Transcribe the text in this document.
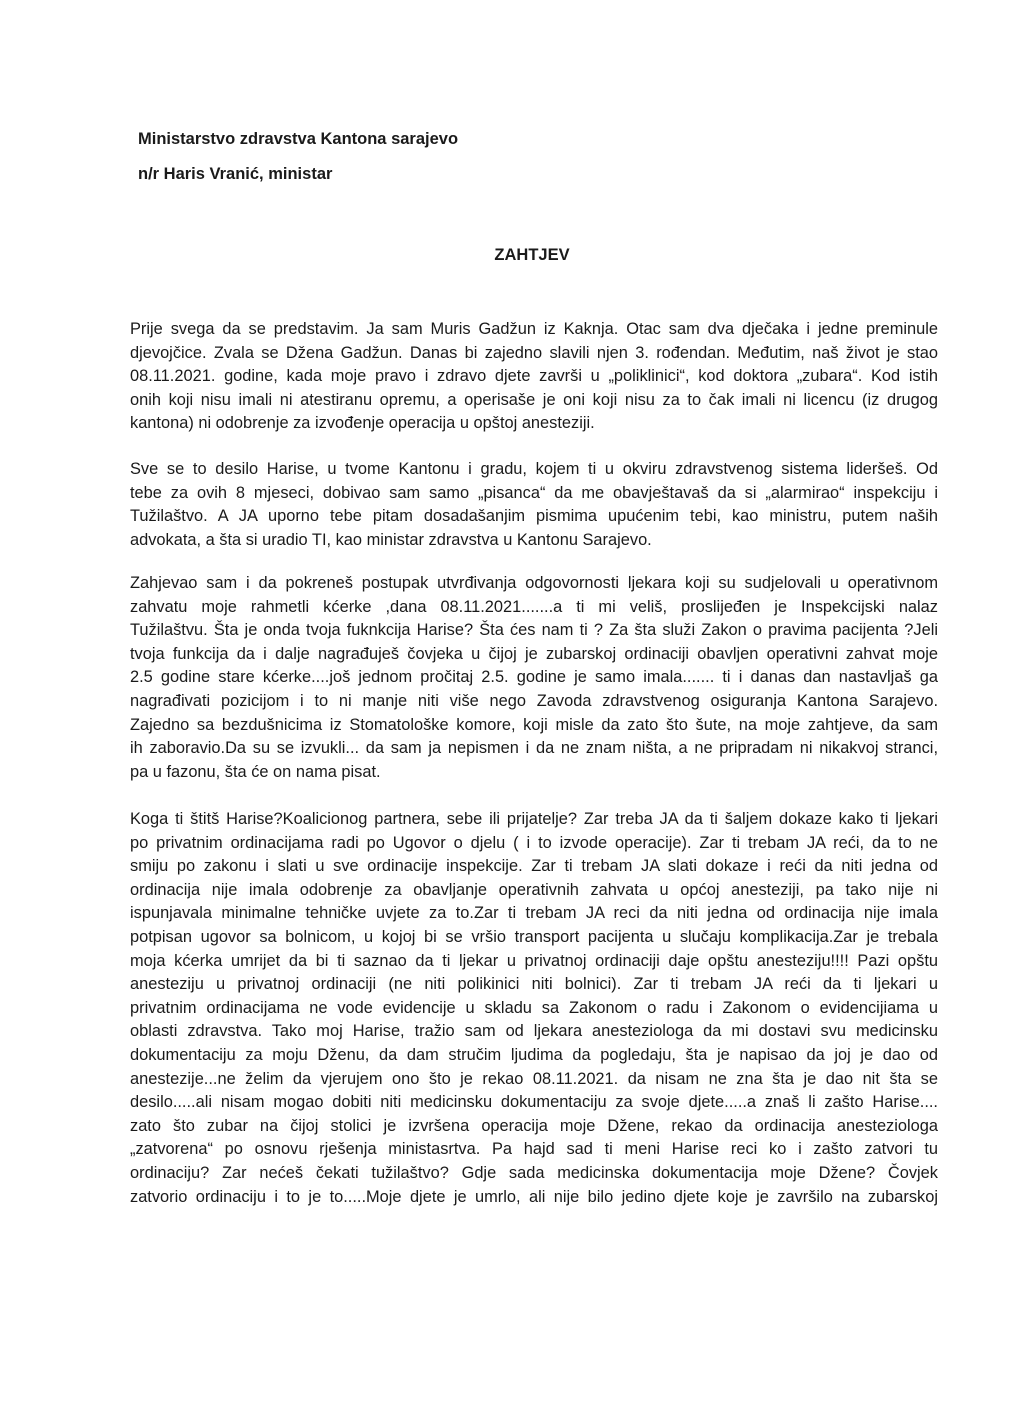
Ministarstvo zdravstva Kantona sarajevo
n/r Haris Vranić, ministar
ZAHTJEV
Prije svega da se predstavim. Ja sam Muris Gadžun iz Kaknja. Otac sam dva dječaka i jedne preminule
djevojčice. Zvala se Džena Gadžun. Danas bi zajedno slavili njen 3. rođendan. Međutim, naš život je stao
08.11.2021. godine, kada moje pravo i zdravo djete završi u „poliklinici“, kod doktora „zubara“. Kod istih
onih koji nisu imali ni atestiranu opremu, a operisaše je oni koji nisu za to čak imali ni licencu (iz drugog
kantona) ni odobrenje za izvođenje operacija u opštoj anesteziji.
Sve se to desilo Harise, u tvome Kantonu i gradu, kojem ti u okviru zdravstvenog sistema lideršeš. Od
tebe za ovih 8 mjeseci, dobivao sam samo „pisanca“ da me obavještavaš da si „alarmirao“ inspekciju i
Tužilaštvo. A JA uporno tebe pitam dosadašanjim pismima upućenim tebi, kao ministru, putem naših
advokata, a šta si uradio TI, kao ministar zdravstva u Kantonu Sarajevo.
Zahjevao sam i da pokreneš postupak utvrđivanja odgovornosti ljekara koji su sudjelovali u operativnom
zahvatu moje rahmetli kćerke ,dana 08.11.2021.......a ti mi veliš, proslijeđen je Inspekcijski nalaz
Tužilaštvu. Šta je onda tvoja fuknkcija Harise? Šta ćes nam ti ? Za šta služi Zakon o pravima pacijenta ?Jeli
tvoja funkcija da i dalje nagrađuješ čovjeka u čijoj je zubarskoj ordinaciji obavljen operativni zahvat moje
2.5 godine stare kćerke....još jednom pročitaj 2.5. godine je samo imala....... ti i danas dan nastavljaš ga
nagrađivati pozicijom i to ni manje niti više nego Zavoda zdravstvenog osiguranja Kantona Sarajevo.
Zajedno sa bezdušnicima iz Stomatološke komore, koji misle da zato što šute, na moje zahtjeve, da sam
ih zaboravio.Da su se izvukli... da sam ja nepismen i da ne znam ništa, a ne pripradam ni nikakvoj stranci,
pa u fazonu, šta će on nama pisat.
Koga ti štitš Harise?Koalicionog partnera, sebe ili prijatelje? Zar treba JA da ti šaljem dokaze kako ti ljekari
po privatnim ordinacijama radi po Ugovor o djelu ( i to izvode operacije). Zar ti trebam JA reći, da to ne
smiju po zakonu i slati u sve ordinacije inspekcije. Zar ti trebam JA slati dokaze i reći da niti jedna od
ordinacija nije imala odobrenje za obavljanje operativnih zahvata u općoj anesteziji, pa tako nije ni
ispunjavala minimalne tehničke uvjete za to.Zar ti trebam JA reci da niti jedna od ordinacija nije imala
potpisan ugovor sa bolnicom, u kojoj bi se vršio transport pacijenta u slučaju komplikacija.Zar je trebala
moja kćerka umrijet da bi ti saznao da ti ljekar u privatnoj ordinaciji daje opštu anesteziju!!!! Pazi opštu
anesteziju u privatnoj ordinaciji (ne niti polikinici niti bolnici). Zar ti trebam JA reći da ti ljekari u
privatnim ordinacijama ne vode evidencije u skladu sa Zakonom o radu i Zakonom o evidencijiama u
oblasti zdravstva. Tako moj Harise, tražio sam od ljekara anesteziologa da mi dostavi svu medicinsku
dokumentaciju za moju Dženu, da dam stručim ljudima da pogledaju, šta je napisao da joj je dao od
anestezije...ne želim da vjerujem ono što je rekao 08.11.2021. da nisam ne zna šta je dao nit šta se
desilo.....ali nisam mogao dobiti niti medicinsku dokumentaciju za svoje djete.....a znaš li zašto Harise....
zato što zubar na čijoj stolici je izvršena operacija moje Džene, rekao da ordinacija anesteziologa
„zatvorena“ po osnovu rješenja ministasrtva. Pa hajd sad ti meni Harise reci ko i zašto zatvori tu
ordinaciju? Zar nećeš čekati tužilaštvo? Gdje sada medicinska dokumentacija moje Džene? Čovjek
zatvorio ordinaciju i to je to.....Moje djete je umrlo, ali nije bilo jedino djete koje je završilo na zubarskoj
